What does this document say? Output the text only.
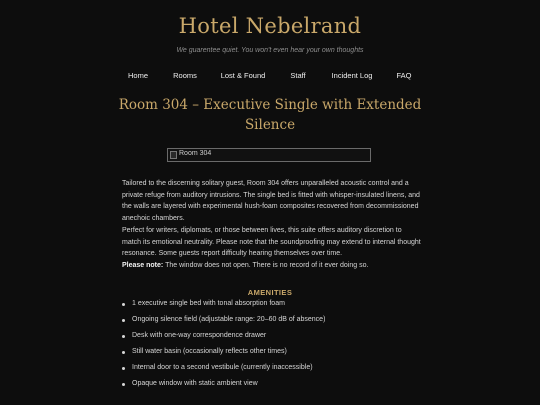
Hotel Nebelrand
We guarentee quiet. You won't even hear your own thoughts
Home	Rooms	Lost & Found	Staff	Incident Log	FAQ
Room 304 – Executive Single with Extended Silence
Room 304

Tailored to the discerning solitary guest, Room 304 offers unparalleled acoustic control and a private refuge from auditory intrusions. The single bed is fitted with whisper-insulated linens, and the walls are layered with experimental hush-foam composites recovered from decommissioned anechoic chambers.

Perfect for writers, diplomats, or those between lives, this suite offers auditory discretion to match its emotional neutrality. Please note that the soundproofing may extend to internal thought resonance. Some guests report difficulty hearing themselves over time.

Please note: The window does not open. There is no record of it ever doing so.

AMENITIES
1 executive single bed with tonal absorption foam
Ongoing silence field (adjustable range: 20–60 dB of absence)
Desk with one-way correspondence drawer
Still water basin (occasionally reflects other times)
Internal door to a second vestibule (currently inaccessible)
Opaque window with static ambient view
